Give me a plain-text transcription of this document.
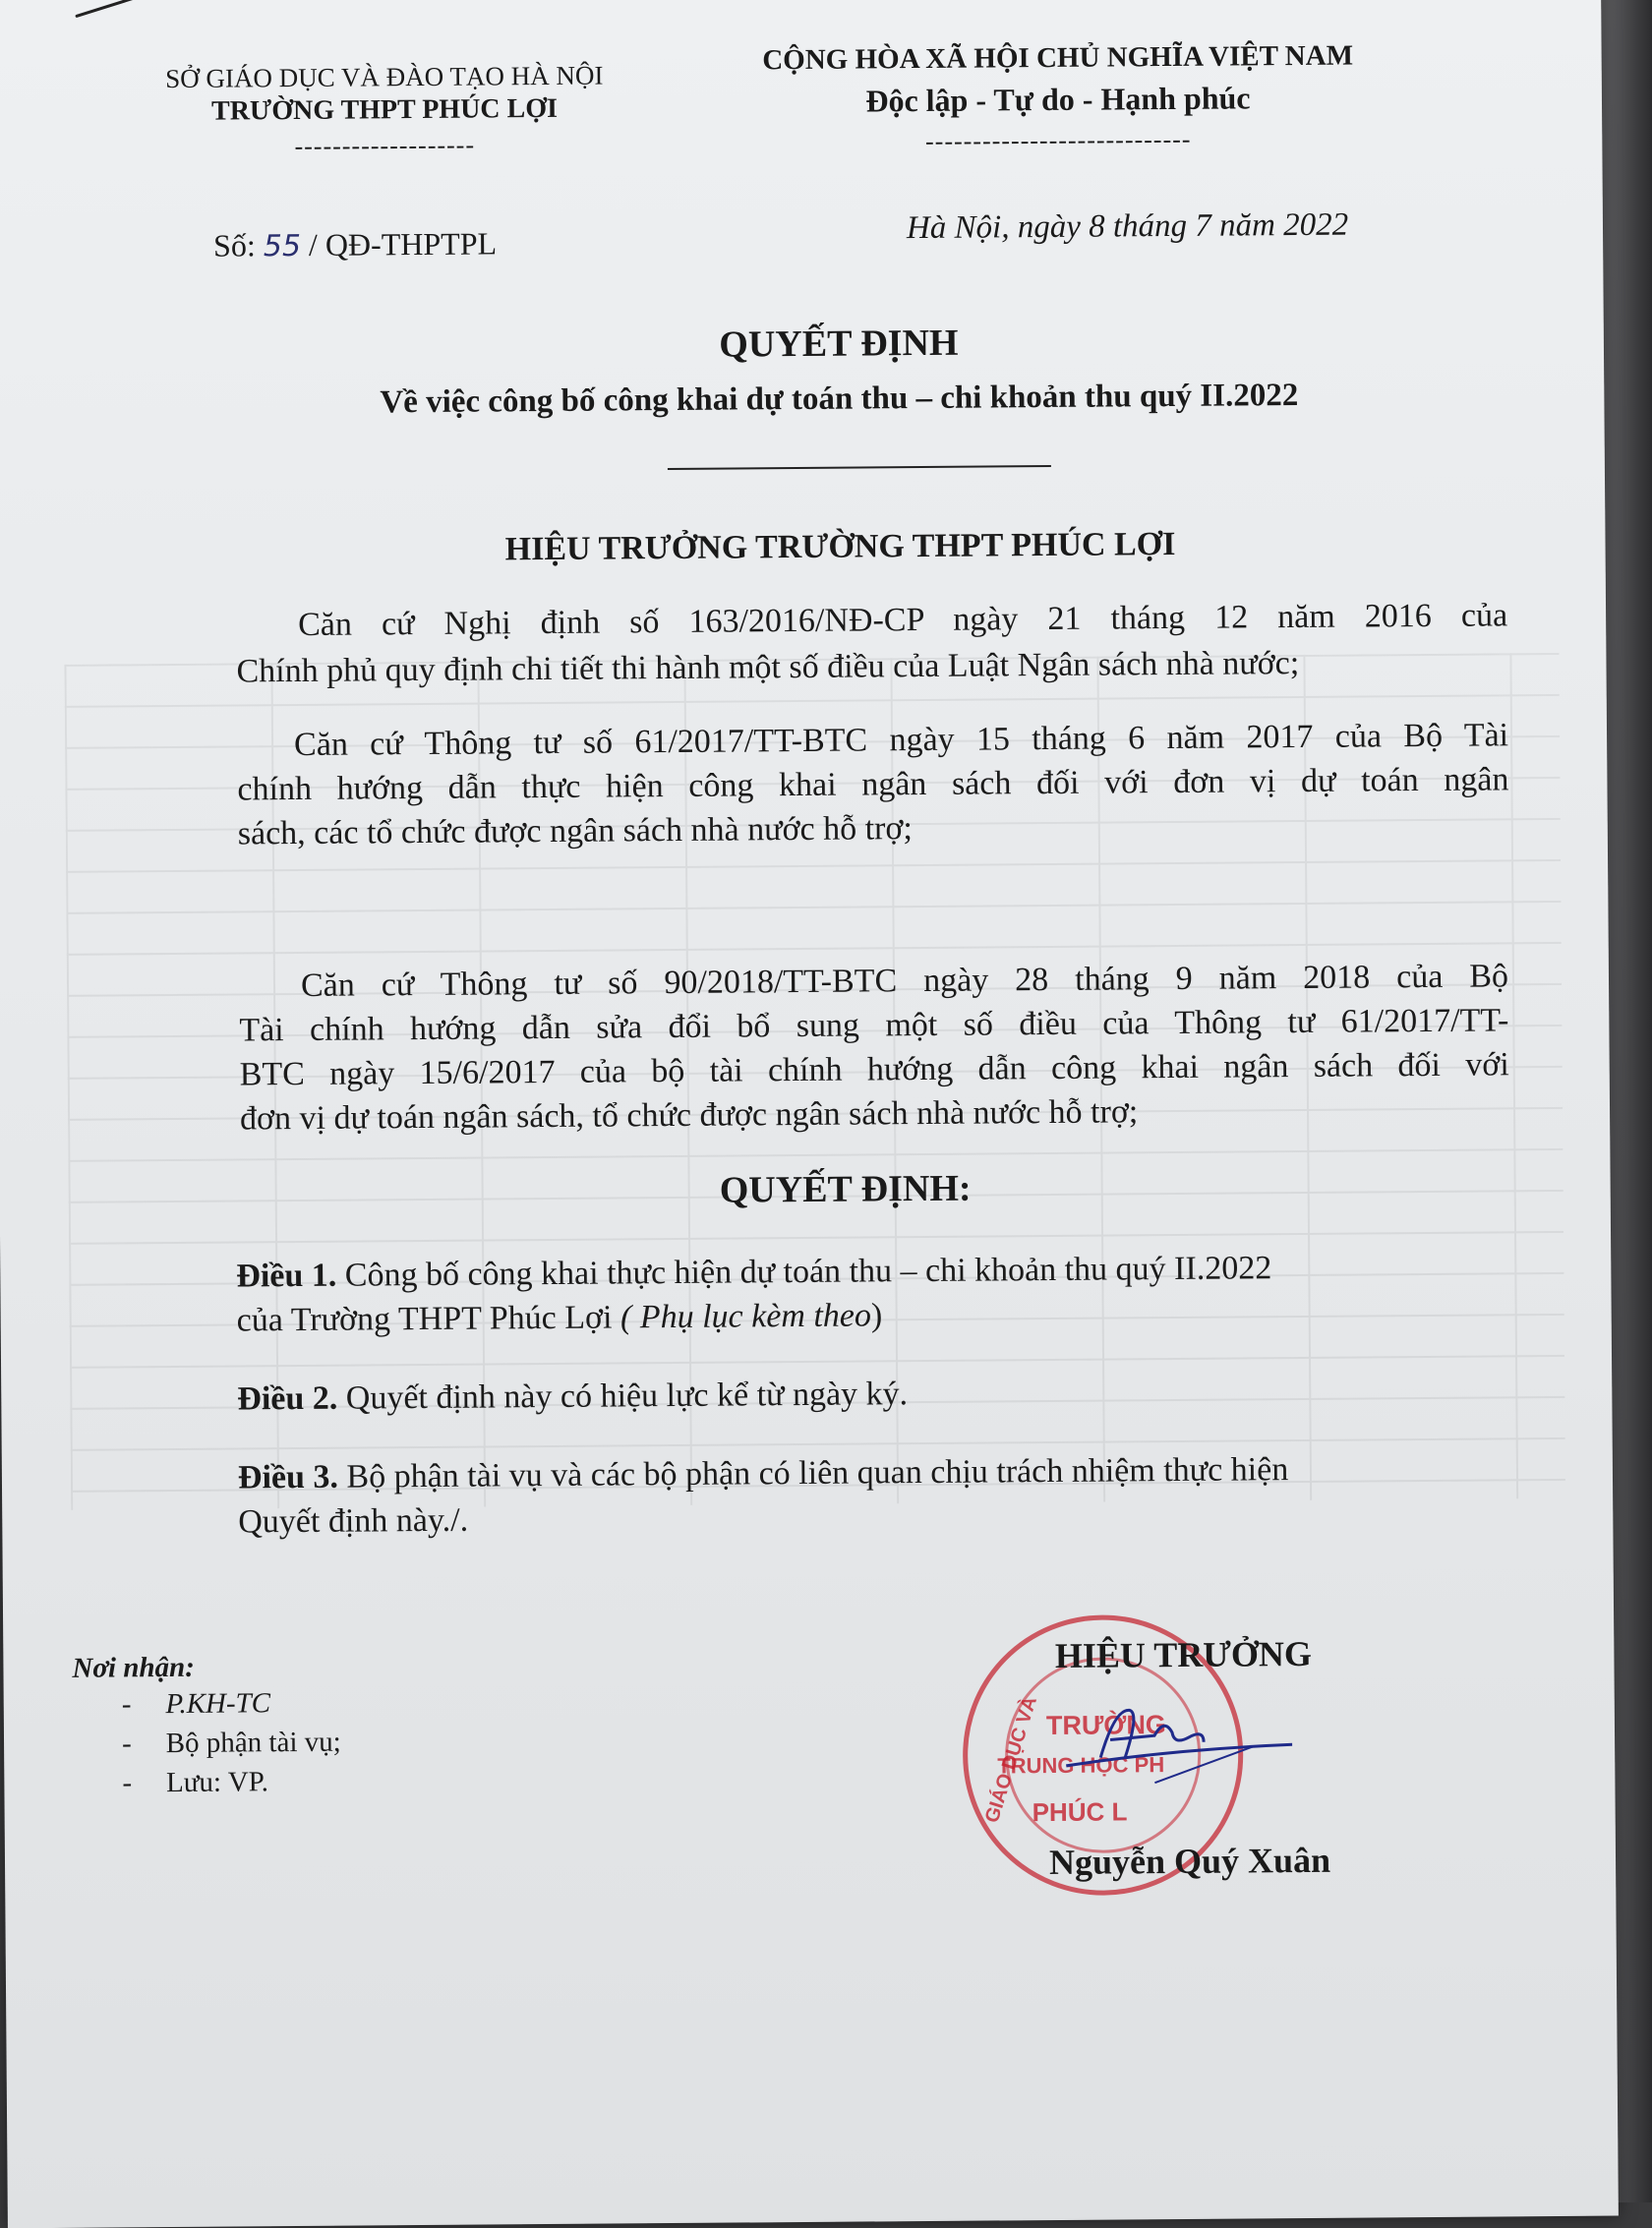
SỞ GIÁO DỤC VÀ ĐÀO TẠO HÀ NỘI
TRƯỜNG THPT PHÚC LỢI
-------------------
CỘNG HÒA XÃ HỘI CHỦ NGHĨA VIỆT NAM
Độc lập - Tự do - Hạnh phúc
----------------------------
Số: 55 / QĐ-THPTPL	Hà Nội, ngày 8 tháng 7 năm 2022
QUYẾT ĐỊNH
Về việc công bố công khai dự toán thu – chi khoản thu quý II.2022
HIỆU TRƯỞNG TRƯỜNG THPT PHÚC LỢI
Căn cứ Nghị định số 163/2016/NĐ-CP ngày 21 tháng 12 năm 2016 của
Chính phủ quy định chi tiết thi hành một số điều của Luật Ngân sách nhà nước;
Căn cứ Thông tư số 61/2017/TT-BTC ngày 15 tháng 6 năm 2017 của Bộ Tài
chính hướng dẫn thực hiện công khai ngân sách đối với đơn vị dự toán ngân
sách, các tổ chức được ngân sách nhà nước hỗ trợ;
Căn cứ Thông tư số 90/2018/TT-BTC ngày 28 tháng 9 năm 2018 của Bộ
Tài chính hướng dẫn sửa đổi bổ sung một số điều của Thông tư 61/2017/TT-
BTC ngày 15/6/2017 của bộ tài chính hướng dẫn công khai ngân sách đối với
đơn vị dự toán ngân sách, tổ chức được ngân sách nhà nước hỗ trợ;
QUYẾT ĐỊNH:
Điều 1. Công bố công khai thực hiện dự toán thu – chi khoản thu quý II.2022
của Trường THPT Phúc Lợi ( Phụ lục kèm theo)
Điều 2. Quyết định này có hiệu lực kể từ ngày ký.
Điều 3. Bộ phận tài vụ và các bộ phận có liên quan chịu trách nhiệm thực hiện
Quyết định này./.
Nơi nhận:
- P.KH-TC
- Bộ phận tài vụ;
- Lưu: VP.
TRƯỜNG
TRUNG HỌC PH
PHÚC L
GIÁO DỤC VÀ
HIỆU TRƯỞNG
Nguyễn Quý Xuân
